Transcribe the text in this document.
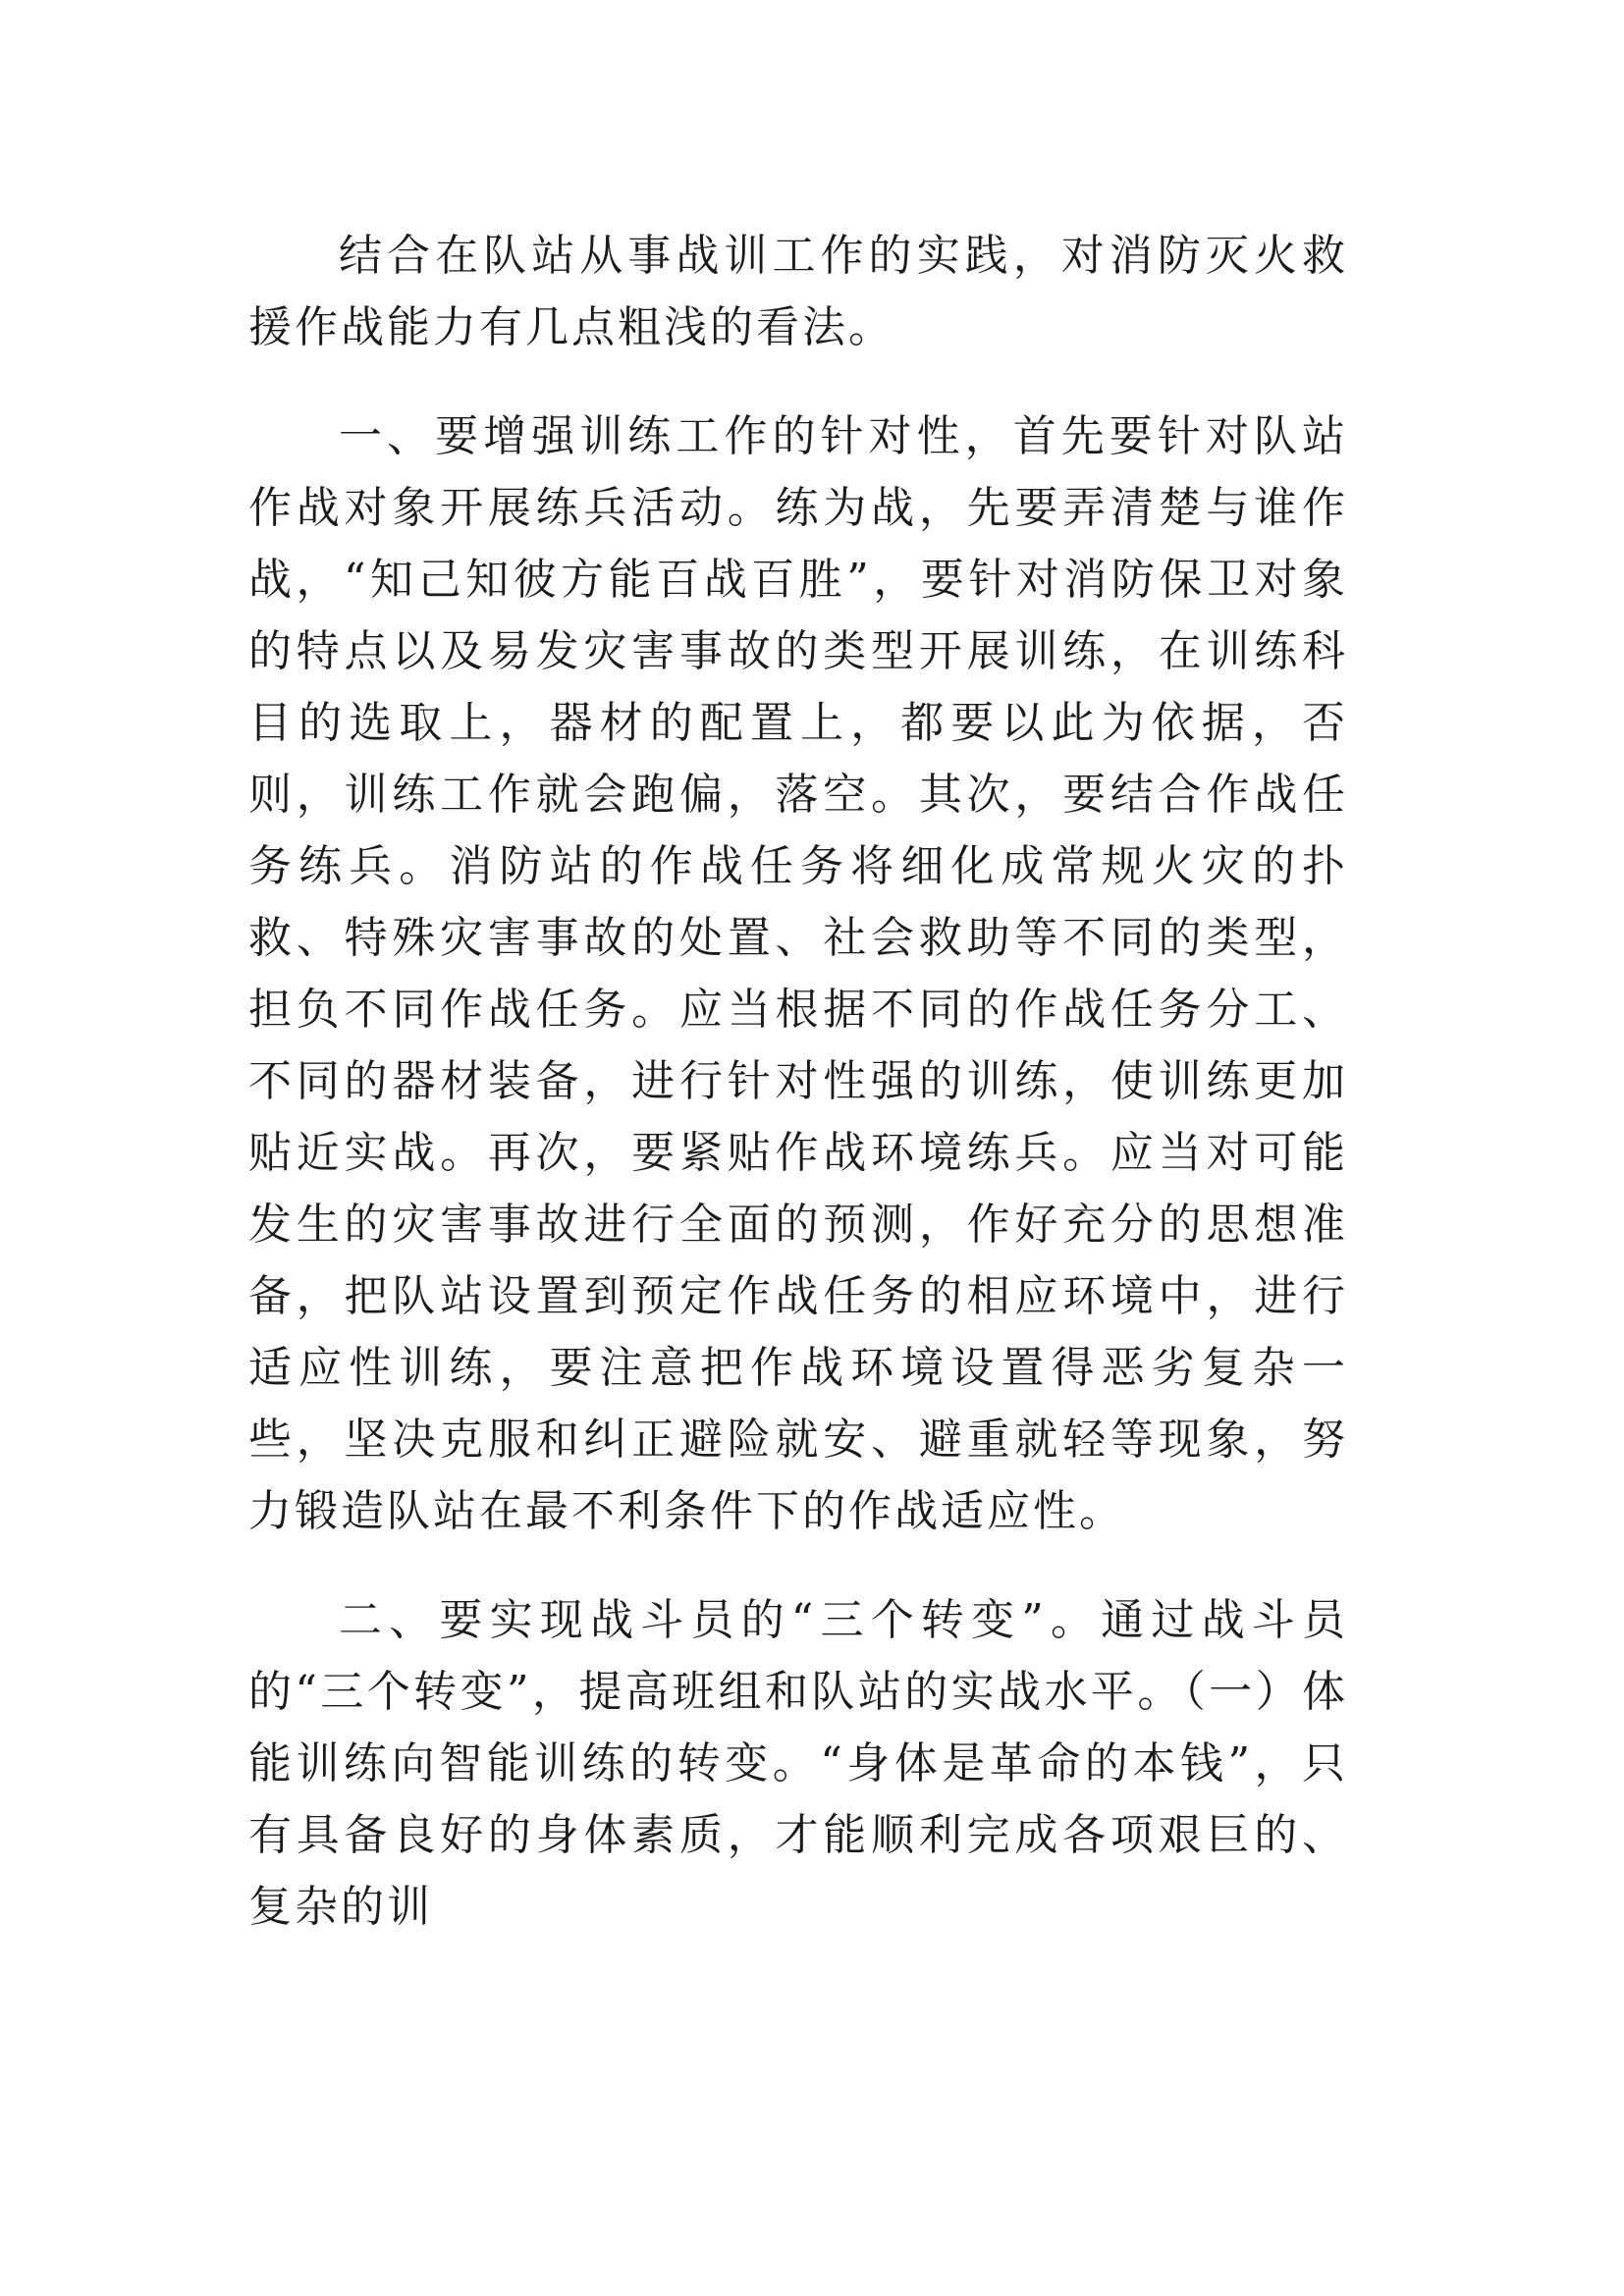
结合在队站从事战训工作的实践，对消防灭火救援作战能力有几点粗浅的看法。

一、要增强训练工作的针对性，首先要针对队站作战对象开展练兵活动。练为战，先要弄清楚与谁作战，“知己知彼方能百战百胜”，要针对消防保卫对象的特点以及易发灾害事故的类型开展训练，在训练科目的选取上，器材的配置上，都要以此为依据，否则，训练工作就会跑偏，落空。其次，要结合作战任务练兵。消防站的作战任务将细化成常规火灾的扑救、特殊灾害事故的处置、社会救助等不同的类型，担负不同作战任务。应当根据不同的作战任务分工、不同的器材装备，进行针对性强的训练，使训练更加贴近实战。再次，要紧贴作战环境练兵。应当对可能发生的灾害事故进行全面的预测，作好充分的思想准备，把队站设置到预定作战任务的相应环境中，进行适应性训练，要注意把作战环境设置得恶劣复杂一些，坚决克服和纠正避险就安、避重就轻等现象，努力锻造队站在最不利条件下的作战适应性。

二、要实现战斗员的“三个转变”。通过战斗员的“三个转变”，提高班组和队站的实战水平。（一）体能训练向智能训练的转变。“身体是革命的本钱”，只有具备良好的身体素质，才能顺利完成各项艰巨的、复杂的训
